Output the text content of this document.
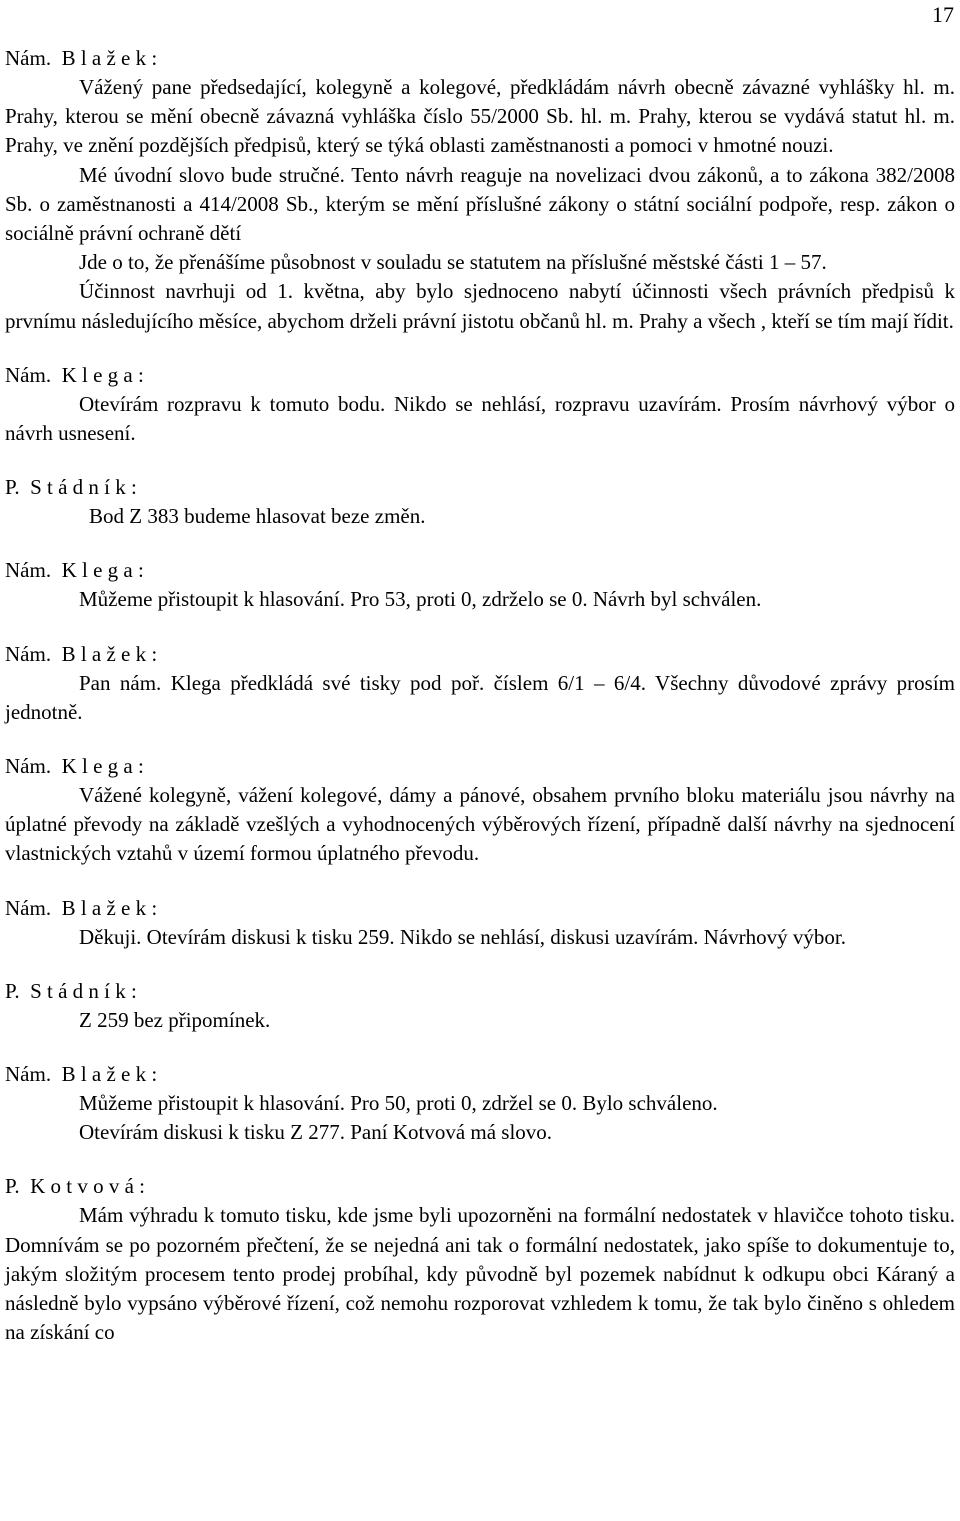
17

Nám.  B l a ž e k :

Vážený pane předsedající, kolegyně a kolegové, předkládám návrh obecně závazné vyhlášky hl. m. Prahy, kterou se mění obecně závazná vyhláška číslo 55/2000 Sb. hl. m. Prahy, kterou se vydává statut hl. m. Prahy, ve znění pozdějších předpisů, který se týká oblasti zaměstnanosti a pomoci v hmotné nouzi.

Mé úvodní slovo bude stručné. Tento návrh reaguje na novelizaci dvou zákonů, a to zákona 382/2008 Sb. o zaměstnanosti a 414/2008 Sb., kterým se mění příslušné zákony o státní sociální podpoře, resp. zákon o sociálně právní ochraně dětí

Jde o to, že přenášíme působnost v souladu se statutem na příslušné městské části 1 – 57.

Účinnost navrhuji od 1. května, aby bylo sjednoceno nabytí účinnosti všech právních předpisů k prvnímu následujícího měsíce, abychom drželi právní jistotu občanů hl. m. Prahy a všech , kteří se tím mají řídit.

Nám.  K l e g a :

Otevírám rozpravu k tomuto bodu. Nikdo se nehlásí, rozpravu uzavírám. Prosím návrhový výbor o návrh usnesení.

P.  S t á d n í k :

Bod Z 383 budeme hlasovat beze změn.

Nám.  K l e g a :

Můžeme přistoupit k hlasování. Pro 53, proti 0, zdrželo se 0. Návrh byl schválen.

Nám.  B l a ž e k :

Pan nám. Klega předkládá své tisky pod poř. číslem 6/1 – 6/4. Všechny důvodové zprávy prosím jednotně.

Nám.  K l e g a :

Vážené kolegyně, vážení kolegové, dámy a pánové, obsahem prvního bloku materiálu jsou návrhy na úplatné převody na základě vzešlých a vyhodnocených výběrových řízení, případně další návrhy na sjednocení vlastnických vztahů v území formou úplatného převodu.

Nám.  B l a ž e k :

Děkuji. Otevírám diskusi k tisku 259. Nikdo se nehlásí, diskusi uzavírám. Návrhový výbor.

P.  S t á d n í k :

Z 259 bez připomínek.

Nám.  B l a ž e k :

Můžeme přistoupit k hlasování. Pro 50, proti 0, zdržel se 0. Bylo schváleno.

Otevírám diskusi k tisku Z 277. Paní Kotvová má slovo.

P.  K o t v o v á :

Mám výhradu k tomuto tisku, kde jsme byli upozorněni na formální nedostatek v hlavičce tohoto tisku. Domnívám se po pozorném přečtení, že se nejedná ani tak o formální nedostatek, jako spíše to dokumentuje to, jakým složitým procesem tento prodej probíhal, kdy původně byl pozemek nabídnut k odkupu obci Káraný a následně bylo vypsáno výběrové řízení, což nemohu rozporovat vzhledem k tomu, že tak bylo činěno s ohledem na získání co
